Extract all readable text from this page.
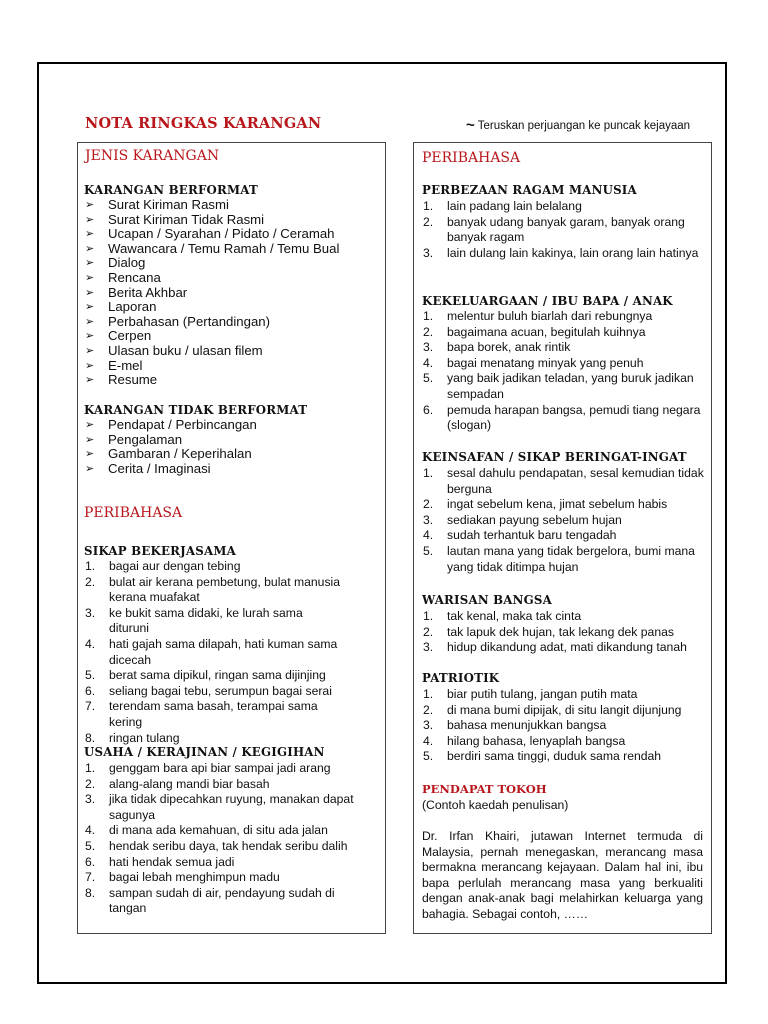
NOTA RINGKAS KARANGAN	~ Teruskan perjuangan ke puncak kejayaan
JENIS KARANGAN
KARANGAN BERFORMAT
➢ Surat Kiriman Rasmi
➢ Surat Kiriman Tidak Rasmi
➢ Ucapan / Syarahan / Pidato / Ceramah
➢ Wawancara / Temu Ramah / Temu Bual
➢ Dialog
➢ Rencana
➢ Berita Akhbar
➢ Laporan
➢ Perbahasan (Pertandingan)
➢ Cerpen
➢ Ulasan buku / ulasan filem
➢ E-mel
➢ Resume
KARANGAN TIDAK BERFORMAT
➢ Pendapat / Perbincangan
➢ Pengalaman
➢ Gambaran / Keperihalan
➢ Cerita / Imaginasi
PERIBAHASA
SIKAP BEKERJASAMA
1. bagai aur dengan tebing
2. bulat air kerana pembetung, bulat manusia kerana muafakat
3. ke bukit sama didaki, ke lurah sama dituruni
4. hati gajah sama dilapah, hati kuman sama dicecah
5. berat sama dipikul, ringan sama dijinjing
6. seliang bagai tebu, serumpun bagai serai
7. terendam sama basah, terampai sama kering
8. ringan tulang
USAHA / KERAJINAN / KEGIGIHAN
1. genggam bara api biar sampai jadi arang
2. alang-alang mandi biar basah
3. jika tidak dipecahkan ruyung, manakan dapat sagunya
4. di mana ada kemahuan, di situ ada jalan
5. hendak seribu daya, tak hendak seribu dalih
6. hati hendak semua jadi
7. bagai lebah menghimpun madu
8. sampan sudah di air, pendayung sudah di tangan
PERIBAHASA
PERBEZAAN RAGAM MANUSIA
1. lain padang lain belalang
2. banyak udang banyak garam, banyak orang banyak ragam
3. lain dulang lain kakinya, lain orang lain hatinya
KEKELUARGAAN / IBU BAPA / ANAK
1. melentur buluh biarlah dari rebungnya
2. bagaimana acuan, begitulah kuihnya
3. bapa borek, anak rintik
4. bagai menatang minyak yang penuh
5. yang baik jadikan teladan, yang buruk jadikan sempadan
6. pemuda harapan bangsa, pemudi tiang negara (slogan)
KEINSAFAN / SIKAP BERINGAT-INGAT
1. sesal dahulu pendapatan, sesal kemudian tidak berguna
2. ingat sebelum kena, jimat sebelum habis
3. sediakan payung sebelum hujan
4. sudah terhantuk baru tengadah
5. lautan mana yang tidak bergelora, bumi mana yang tidak ditimpa hujan
WARISAN BANGSA
1. tak kenal, maka tak cinta
2. tak lapuk dek hujan, tak lekang dek panas
3. hidup dikandung adat, mati dikandung tanah
PATRIOTIK
1. biar putih tulang, jangan putih mata
2. di mana bumi dipijak, di situ langit dijunjung
3. bahasa menunjukkan bangsa
4. hilang bahasa, lenyaplah bangsa
5. berdiri sama tinggi, duduk sama rendah
PENDAPAT TOKOH
(Contoh kaedah penulisan)
Dr. Irfan Khairi, jutawan Internet termuda di Malaysia, pernah menegaskan, merancang masa bermakna merancang kejayaan. Dalam hal ini, ibu bapa perlulah merancang masa yang berkualiti dengan anak-anak bagi melahirkan keluarga yang bahagia. Sebagai contoh, ……
